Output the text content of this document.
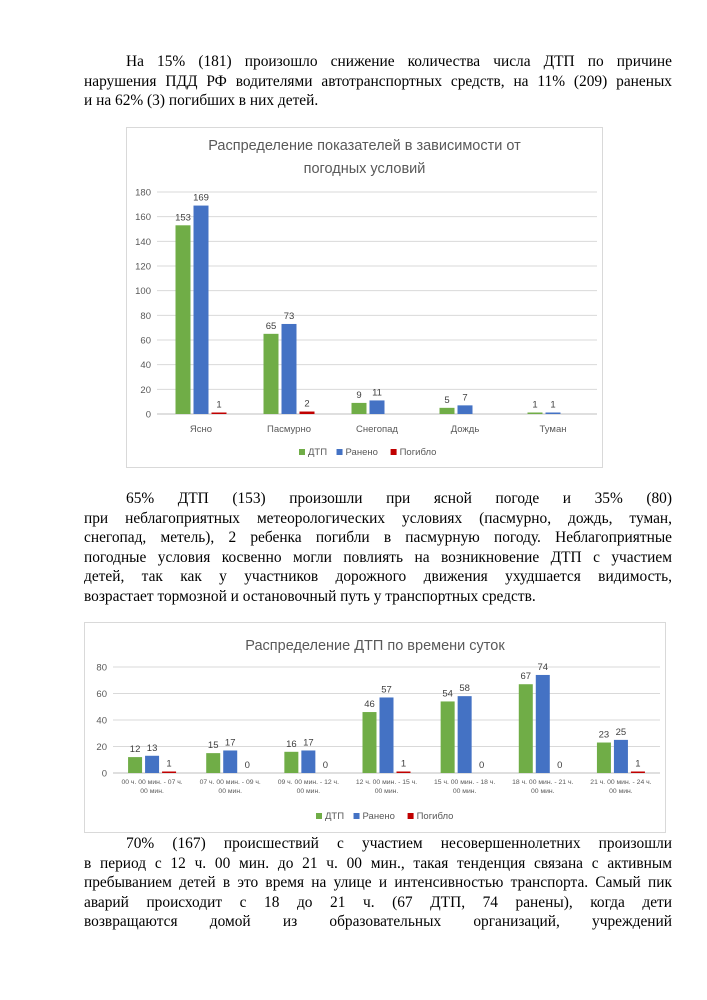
На 15% (181) произошло снижение количества числа ДТП по причине
нарушения ПДД РФ водителями автотранспортных средств, на 11% (209) раненых
и на 62% (3) погибших в них детей.
Распределение показателей в зависимости от
погодных условий
0
20
40
60
80
100
120
140
160
180
153
169
1
Ясно
65
73
2
Пасмурно
9 11
Снегопад
5 7
Дождь
1 1
Туман
ДТП Ранено Погибло
65% ДТП (153) произошли при ясной погоде и 35% (80)
при неблагоприятных метеорологических условиях (пасмурно, дождь, туман,
снегопад, метель), 2 ребенка погибли в пасмурную погоду. Неблагоприятные
погодные условия косвенно могли повлиять на возникновение ДТП с участием
детей, так как у участников дорожного движения ухудшается видимость,
возрастает тормозной и остановочный путь у транспортных средств.
Распределение ДТП по времени суток
0
20
40
60
80
12 13
1
00 ч. 00 мин. - 07 ч.
00 мин.
15 17
0
07 ч. 00 мин. - 09 ч.
00 мин.
16 17
0
09 ч. 00 мин. - 12 ч.
00 мин.
46
57
1
12 ч. 00 мин. - 15 ч.
00 мин.
54 58
0
15 ч. 00 мин. - 18 ч.
00 мин.
67
74
0
18 ч. 00 мин. - 21 ч.
00 мин.
23 25
1
21 ч. 00 мин. - 24 ч.
00 мин.
ДТП Ранено Погибло
70% (167) происшествий с участием несовершеннолетних произошли
в период с 12 ч. 00 мин. до 21 ч. 00 мин., такая тенденция связана с активным
пребыванием детей в это время на улице и интенсивностью транспорта. Самый пик
аварий происходит с 18 до 21 ч. (67 ДТП, 74 ранены), когда дети
возвращаются домой из образовательных организаций, учреждений
